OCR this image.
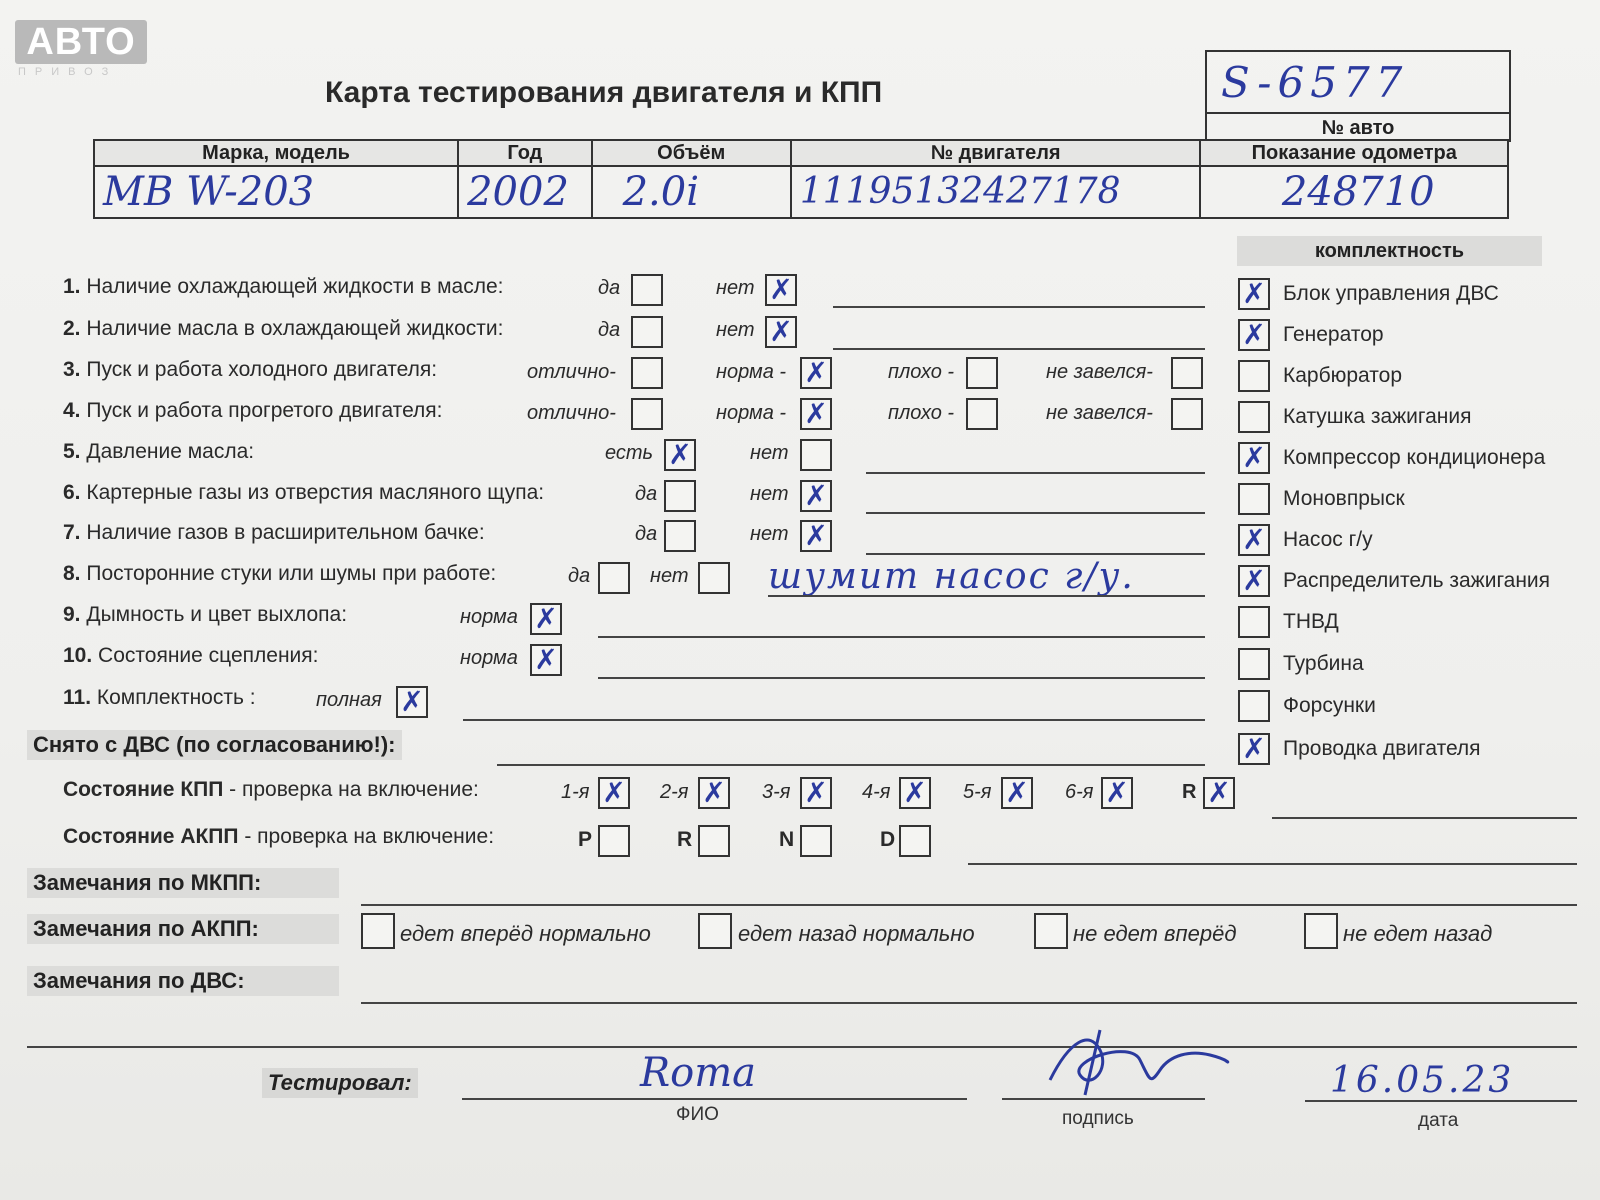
АВТО
ПРИВОЗ
Карта тестирования двигателя и КПП	S-6577
№ авто
Марка, модель	Год	Объём	№ двигателя	Показание одометра
МВ W-203	2002	2.0i	11195132427178	248710
комплектность
1. Наличие охлаждающей жидкости в масле:	да	нет ✗
2. Наличие масла в охлаждающей жидкости:	да	нет ✗
3. Пуск и работа холодного двигателя:	отлично-	норма - ✗	плохо -	не завелся-
4. Пуск и работа прогретого двигателя:	отлично-	норма - ✗	плохо -	не завелся-
5. Давление масла:	есть ✗	нет
6. Картерные газы из отверстия масляного щупа:	да	нет ✗
7. Наличие газов в расширительном бачке:	да	нет ✗
8. Посторонние стуки или шумы при работе:	да	нет шумит насос г/у.
9. Дымность и цвет выхлопа:	норма ✗
10. Состояние сцепления:	норма ✗
11. Комплектность :	полная ✗
Снято с ДВС (по согласованию!):
✗ Блок управления ДВС
✗ Генератор
Карбюратор
Катушка зажигания
✗ Компрессор кондиционера
Моновпрыск
✗ Насос г/у
✗ Распределитель зажигания
ТНВД
Турбина
Форсунки
✗ Проводка двигателя
Состояние КПП - проверка на включение:	1-я ✗ 2-я ✗ 3-я ✗ 4-я ✗ 5-я ✗ 6-я ✗	R ✗
Состояние АКПП - проверка на включение:	P	R	N	D
Замечания по МКПП:
Замечания по АКПП:	едет вперёд нормально	едет назад нормально	не едет вперёд	не едет назад
Замечания по ДВС:
Тестировал:	Roma
ФИО	подпись
16.05.23
дата
